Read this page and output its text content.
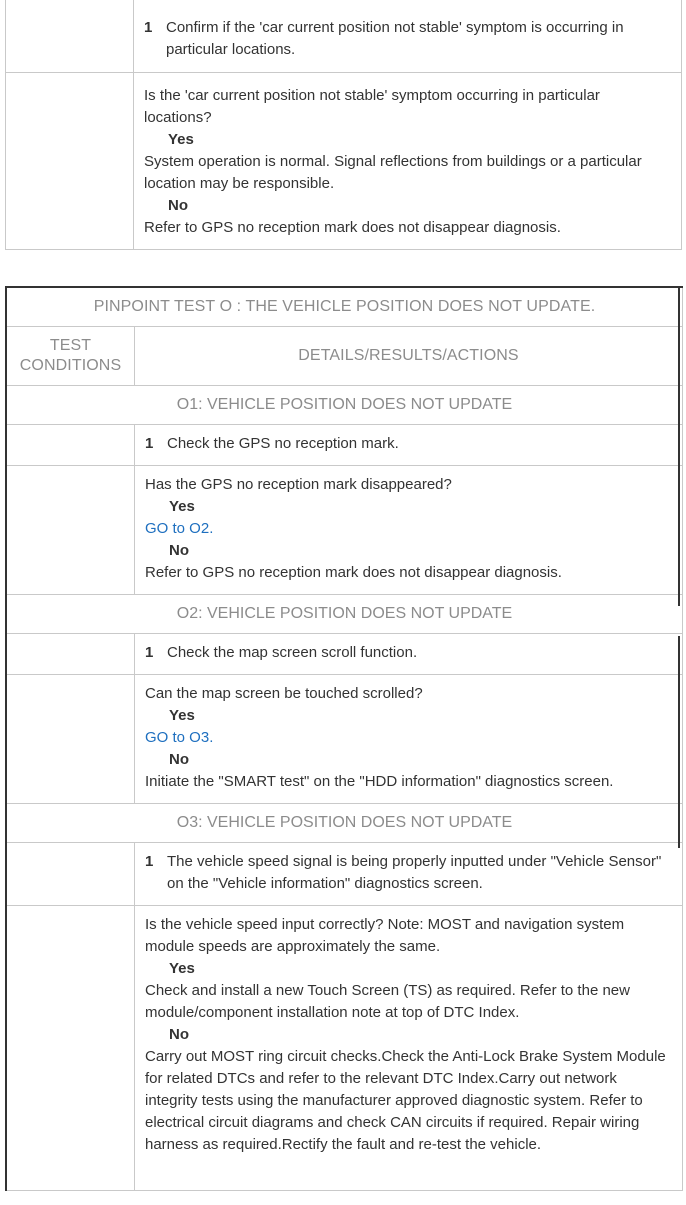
	1 Confirm if the 'car current position not stable' symptom is occurring in particular locations.

	Is the 'car current position not stable' symptom occurring in particular locations?
Yes
System operation is normal. Signal reflections from buildings or a particular location may be responsible.
No
Refer to GPS no reception mark does not disappear diagnosis.
PINPOINT TEST O : THE VEHICLE POSITION DOES NOT UPDATE.	
TEST CONDITIONS	DETAILS/RESULTS/ACTIONS
O1: VEHICLE POSITION DOES NOT UPDATE	

	1 Check the GPS no reception mark.

	Has the GPS no reception mark disappeared?
Yes
GO to O2.
No
Refer to GPS no reception mark does not disappear diagnosis.

O2: VEHICLE POSITION DOES NOT UPDATE	

	1 Check the map screen scroll function.

	Can the map screen be touched scrolled?
Yes
GO to O3.
No
Initiate the "SMART test" on the "HDD information" diagnostics screen.

O3: VEHICLE POSITION DOES NOT UPDATE	

	1 The vehicle speed signal is being properly inputted under "Vehicle Sensor" on the "Vehicle information" diagnostics screen.

	Is the vehicle speed input correctly? Note: MOST and navigation system module speeds are approximately the same.
Yes
Check and install a new Touch Screen (TS) as required. Refer to the new module/component installation note at top of DTC Index.
No
Carry out MOST ring circuit checks.Check the Anti-Lock Brake System Module for related DTCs and refer to the relevant DTC Index.Carry out network integrity tests using the manufacturer approved diagnostic system. Refer to electrical circuit diagrams and check CAN circuits if required. Repair wiring harness as required.Rectify the fault and re-test the vehicle.
